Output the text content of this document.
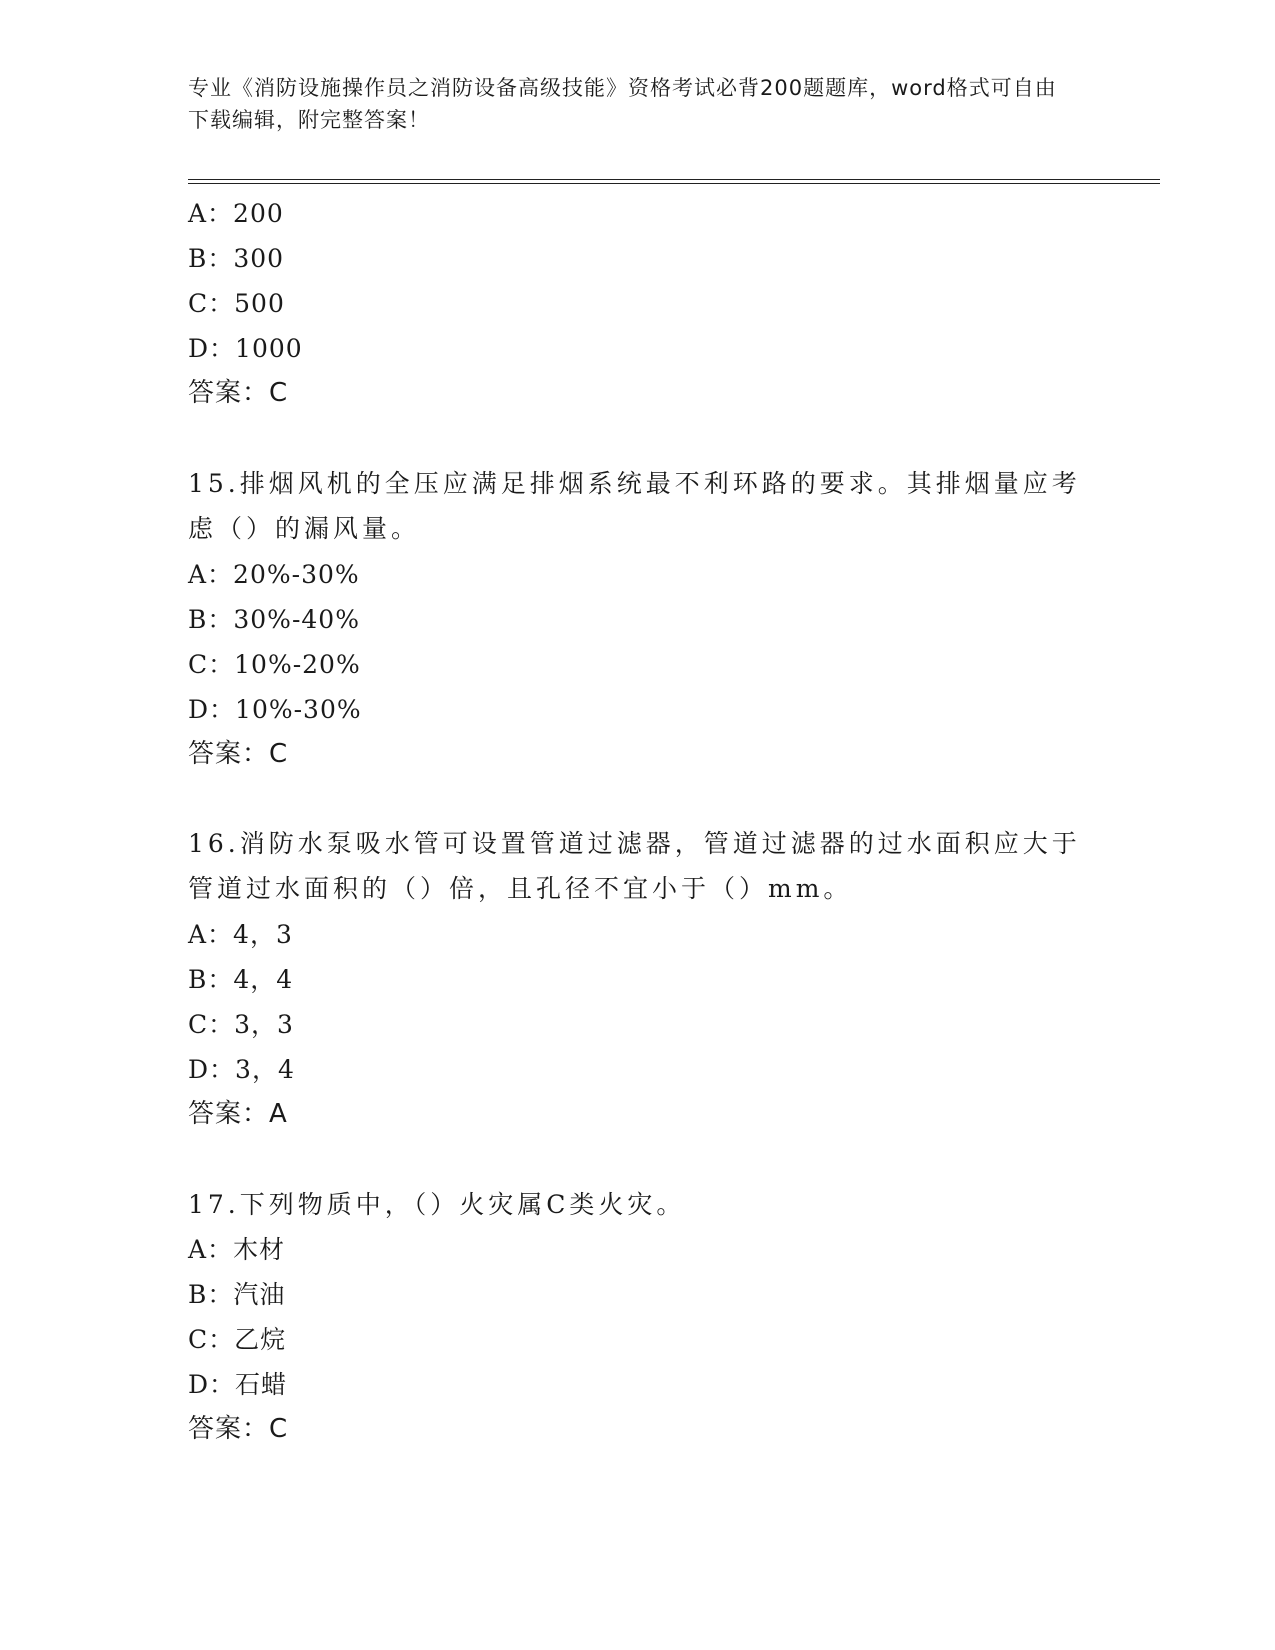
专业《消防设施操作员之消防设备高级技能》资格考试必背200题题库，word格式可自由下载编辑，附完整答案！
A：200
B：300
C：500
D：1000
答案：C
15.排烟风机的全压应满足排烟系统最不利环路的要求。其排烟量应考
虑（）的漏风量。
A：20%-30%
B：30%-40%
C：10%-20%
D：10%-30%
答案：C
16.消防水泵吸水管可设置管道过滤器，管道过滤器的过水面积应大于
管道过水面积的（）倍，且孔径不宜小于（）mm。
A：4，3
B：4，4
C：3，3
D：3，4
答案：A
17.下列物质中，（）火灾属C类火灾。
A：木材
B：汽油
C：乙烷
D：石蜡
答案：C
